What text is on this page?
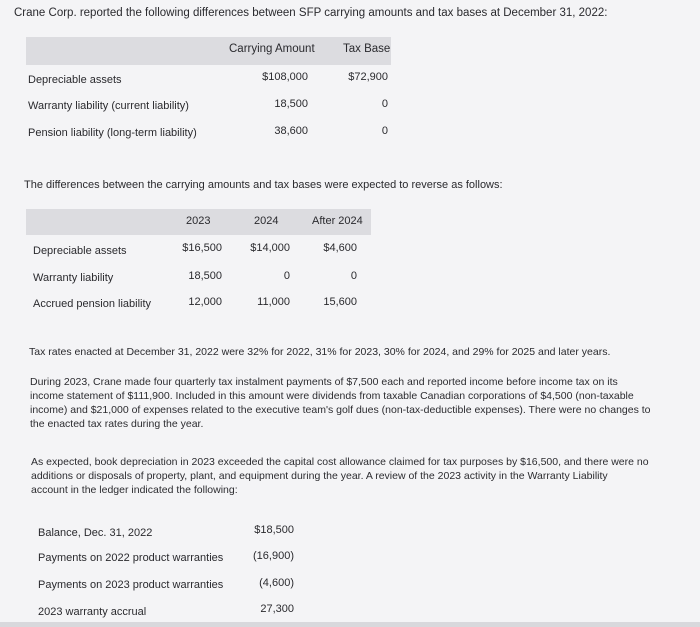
Crane Corp. reported the following differences between SFP carrying amounts and tax bases at December 31, 2022:
Carrying Amount Tax Base
Depreciable assets	$108,000	$72,900
Warranty liability (current liability)	18,500	0
Pension liability (long-term liability)	38,600	0
The differences between the carrying amounts and tax bases were expected to reverse as follows:
2023	2024	After 2024
Depreciable assets	$16,500	$14,000	$4,600
Warranty liability	18,500	0	0
Accrued pension liability	12,000	11,000	15,600
Tax rates enacted at December 31, 2022 were 32% for 2022, 31% for 2023, 30% for 2024, and 29% for 2025 and later years.
During 2023, Crane made four quarterly tax instalment payments of $7,500 each and reported income before income tax on its
income statement of $111,900. Included in this amount were dividends from taxable Canadian corporations of $4,500 (non-taxable
income) and $21,000 of expenses related to the executive team's golf dues (non-tax-deductible expenses). There were no changes to
the enacted tax rates during the year.
As expected, book depreciation in 2023 exceeded the capital cost allowance claimed for tax purposes by $16,500, and there were no
additions or disposals of property, plant, and equipment during the year. A review of the 2023 activity in the Warranty Liability
account in the ledger indicated the following:
Balance, Dec. 31, 2022	$18,500
Payments on 2022 product warranties	(16,900)
Payments on 2023 product warranties	(4,600)
2023 warranty accrual	27,300
